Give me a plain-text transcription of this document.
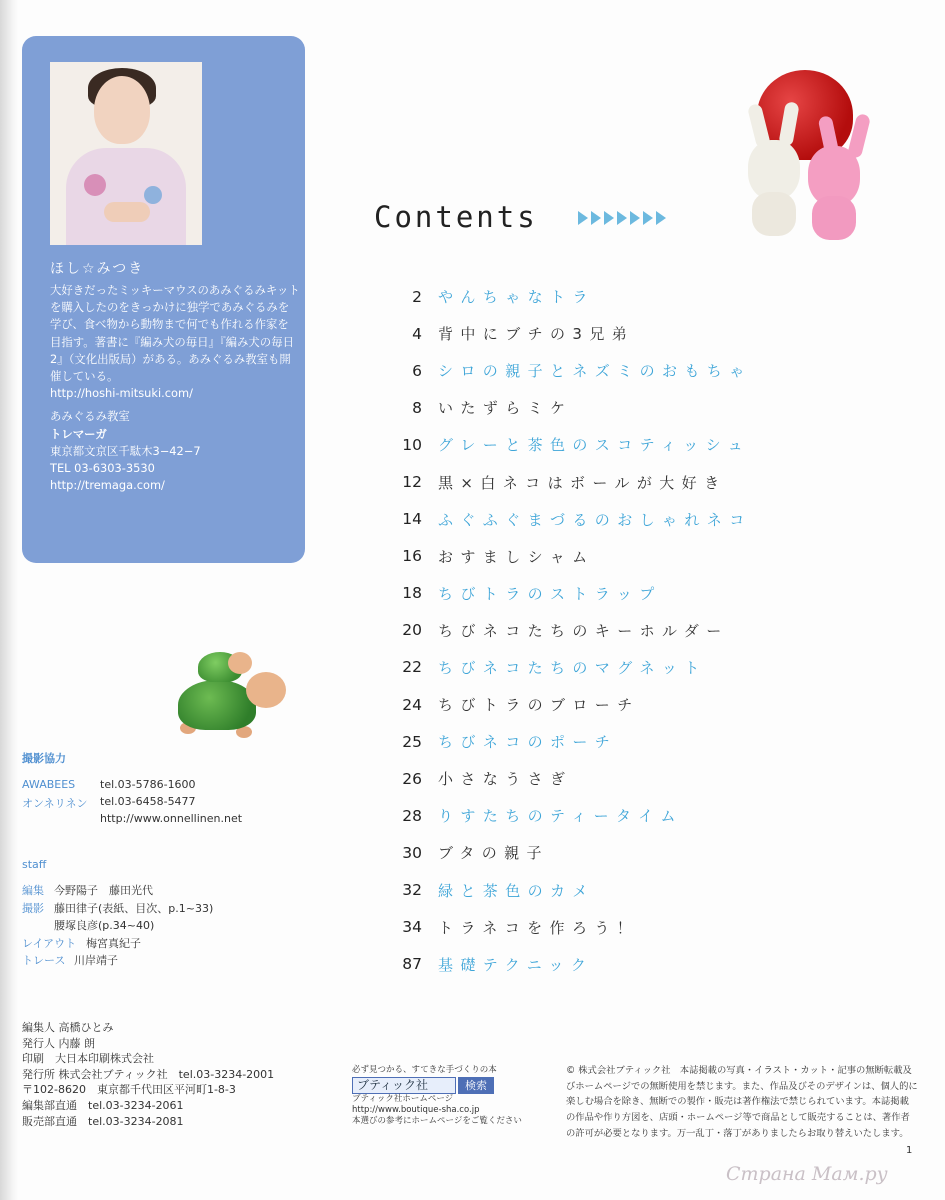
ほし☆みつき

大好きだったミッキーマウスのあみぐるみキットを購入したのをきっかけに独学であみぐるみを学び、食べ物から動物まで何でも作れる作家を目指す。著書に『編み犬の毎日』『編み犬の毎日2』（文化出版局）がある。あみぐるみ教室も開催している。

http://hoshi-mitsuki.com/

あみぐるみ教室

トレマーガ

東京都文京区千駄木3−42−7

TEL 03-6303-3530

http://tremaga.com/

Contents
2	やんちゃなトラ
4	背中にブチの3兄弟
6	シロの親子とネズミのおもちゃ
8	いたずらミケ
10	グレーと茶色のスコティッシュ
12	黒×白ネコはボールが大好き
14	ふぐふぐまづるのおしゃれネコ
16	おすましシャム
18	ちびトラのストラップ
20	ちびネコたちのキーホルダー
22	ちびネコたちのマグネット
24	ちびトラのブローチ
25	ちびネコのポーチ
26	小さなうさぎ
28	りすたちのティータイム
30	ブタの親子
32	緑と茶色のカメ
34	トラネコを作ろう！
87	基礎テクニック
撮影協力
AWABEES tel.03-5786-1600
オンネリネン tel.03-6458-5477
http://www.onnellinen.net
staff
編集 今野陽子　藤田光代
撮影 藤田律子(表紙、目次、p.1~33)
腰塚良彦(p.34~40)
レイアウト 梅宮真紀子
トレース 川岸靖子

編集人 高橋ひとみ

発行人 内藤 朗

印刷　大日本印刷株式会社

発行所 株式会社ブティック社　tel.03-3234-2001

〒102-8620　東京都千代田区平河町1-8-3

編集部直通　tel.03-3234-2061

販売部直通　tel.03-3234-2081

必ず見つかる、すてきな手づくりの本
ブティック社	検索
ブティック社ホームページ
http://www.boutique-sha.co.jp
本選びの参考にホームページをご覧ください
© 株式会社ブティック社　本誌掲載の写真・イラスト・カット・記事の無断転載及びホームページでの無断使用を禁じます。また、作品及びそのデザインは、個人的に楽しむ場合を除き、無断での製作・販売は著作権法で禁じられています。本誌掲載の作品や作り方図を、店頭・ホームページ等で商品として販売することは、著作者の許可が必要となります。万一乱丁・落丁がありましたらお取り替えいたします。
1
Страна Мам.ру
